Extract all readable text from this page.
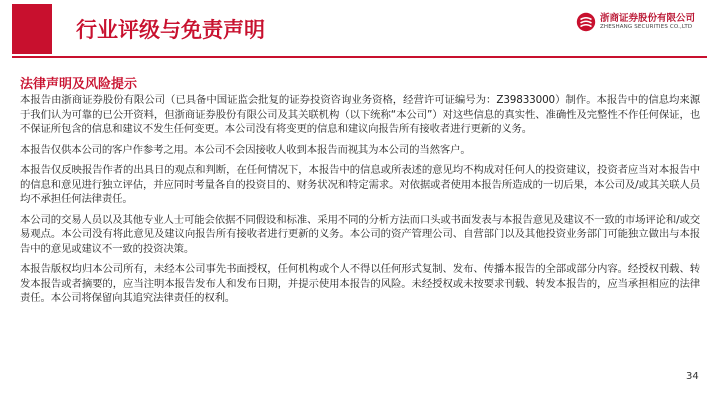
行业评级与免责声明	浙商证券股份有限公司
ZHESHANG SECURITIES CO.,LTD
法律声明及风险提示

本报告由浙商证券股份有限公司（已具备中国证监会批复的证券投资咨询业务资格，经营许可证编号为：Z39833000）制作。本报告中的信息均来源于我们认为可靠的已公开资料，但浙商证券股份有限公司及其关联机构（以下统称“本公司”）对这些信息的真实性、准确性及完整性不作任何保证，也不保证所包含的信息和建议不发生任何变更。本公司没有将变更的信息和建议向报告所有接收者进行更新的义务。

本报告仅供本公司的客户作参考之用。本公司不会因接收人收到本报告而视其为本公司的当然客户。

本报告仅反映报告作者的出具日的观点和判断，在任何情况下，本报告中的信息或所表述的意见均不构成对任何人的投资建议，投资者应当对本报告中的信息和意见进行独立评估，并应同时考量各自的投资目的、财务状况和特定需求。对依据或者使用本报告所造成的一切后果，本公司及/或其关联人员均不承担任何法律责任。

本公司的交易人员以及其他专业人士可能会依据不同假设和标准、采用不同的分析方法而口头或书面发表与本报告意见及建议不一致的市场评论和/或交易观点。本公司没有将此意见及建议向报告所有接收者进行更新的义务。本公司的资产管理公司、自营部门以及其他投资业务部门可能独立做出与本报告中的意见或建议不一致的投资决策。

本报告版权均归本公司所有，未经本公司事先书面授权，任何机构或个人不得以任何形式复制、发布、传播本报告的全部或部分内容。经授权刊载、转发本报告或者摘要的，应当注明本报告发布人和发布日期，并提示使用本报告的风险。未经授权或未按要求刊载、转发本报告的，应当承担相应的法律责任。本公司将保留向其追究法律责任的权利。

34
